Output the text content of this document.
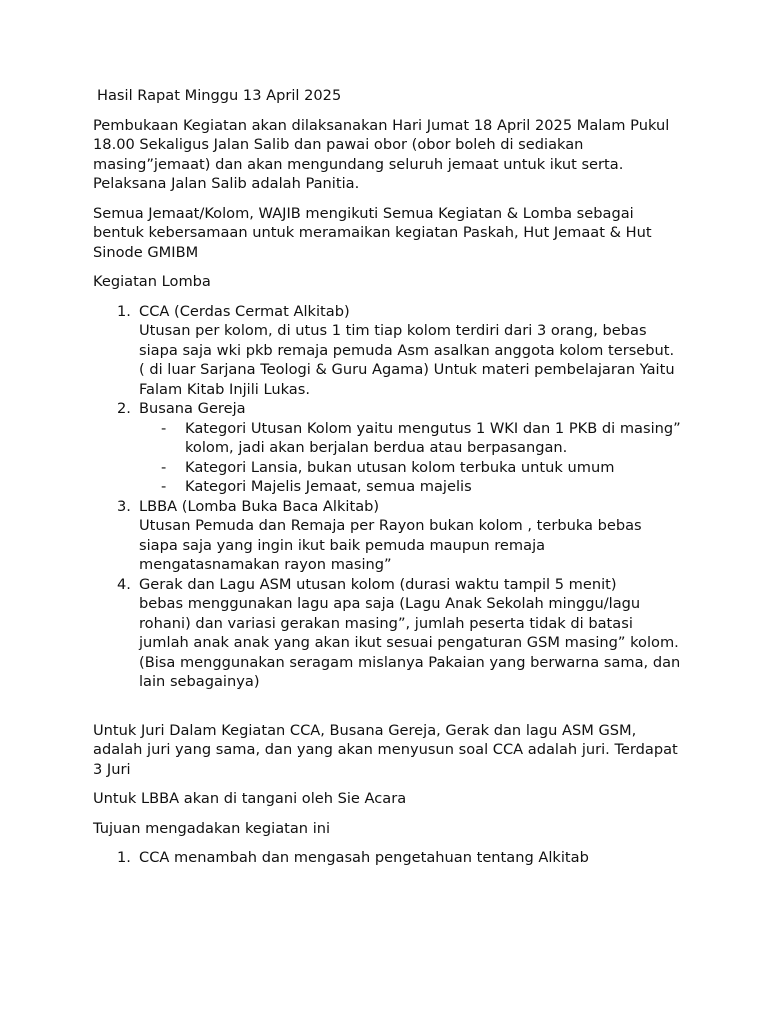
Hasil Rapat Minggu 13 April 2025

Pembukaan Kegiatan akan dilaksanakan Hari Jumat 18 April 2025 Malam Pukul 18.00 Sekaligus Jalan Salib dan pawai obor (obor boleh di sediakan masing”jemaat) dan akan mengundang seluruh jemaat untuk ikut serta. Pelaksana Jalan Salib adalah Panitia.

Semua Jemaat/Kolom, WAJIB mengikuti Semua Kegiatan & Lomba sebagai bentuk kebersamaan untuk meramaikan kegiatan Paskah, Hut Jemaat & Hut Sinode GMIBM

Kegiatan Lomba

1. CCA (Cerdas Cermat Alkitab)

Utusan per kolom, di utus 1 tim tiap kolom terdiri dari 3 orang, bebas siapa saja wki pkb remaja pemuda Asm asalkan anggota kolom tersebut.

( di luar Sarjana Teologi & Guru Agama) Untuk materi pembelajaran Yaitu Falam Kitab Injili Lukas.

2. Busana Gereja

- Kategori Utusan Kolom yaitu mengutus 1 WKI dan 1 PKB di masing” kolom, jadi akan berjalan berdua atau berpasangan.
- Kategori Lansia, bukan utusan kolom terbuka untuk umum
- Kategori Majelis Jemaat, semua majelis
3. LBBA (Lomba Buka Baca Alkitab)

Utusan Pemuda dan Remaja per Rayon bukan kolom , terbuka bebas siapa saja yang ingin ikut baik pemuda maupun remaja mengatasnamakan rayon masing”

4. Gerak dan Lagu ASM utusan kolom (durasi waktu tampil 5 menit)

bebas menggunakan lagu apa saja (Lagu Anak Sekolah minggu/lagu rohani) dan variasi gerakan masing”, jumlah peserta tidak di batasi jumlah anak anak yang akan ikut sesuai pengaturan GSM masing” kolom. (Bisa menggunakan seragam mislanya Pakaian yang berwarna sama, dan lain sebagainya)

Untuk Juri Dalam Kegiatan CCA, Busana Gereja, Gerak dan lagu ASM GSM, adalah juri yang sama, dan yang akan menyusun soal CCA adalah juri. Terdapat 3 Juri

Untuk LBBA akan di tangani oleh Sie Acara

Tujuan mengadakan kegiatan ini

1. CCA menambah dan mengasah pengetahuan tentang Alkitab
